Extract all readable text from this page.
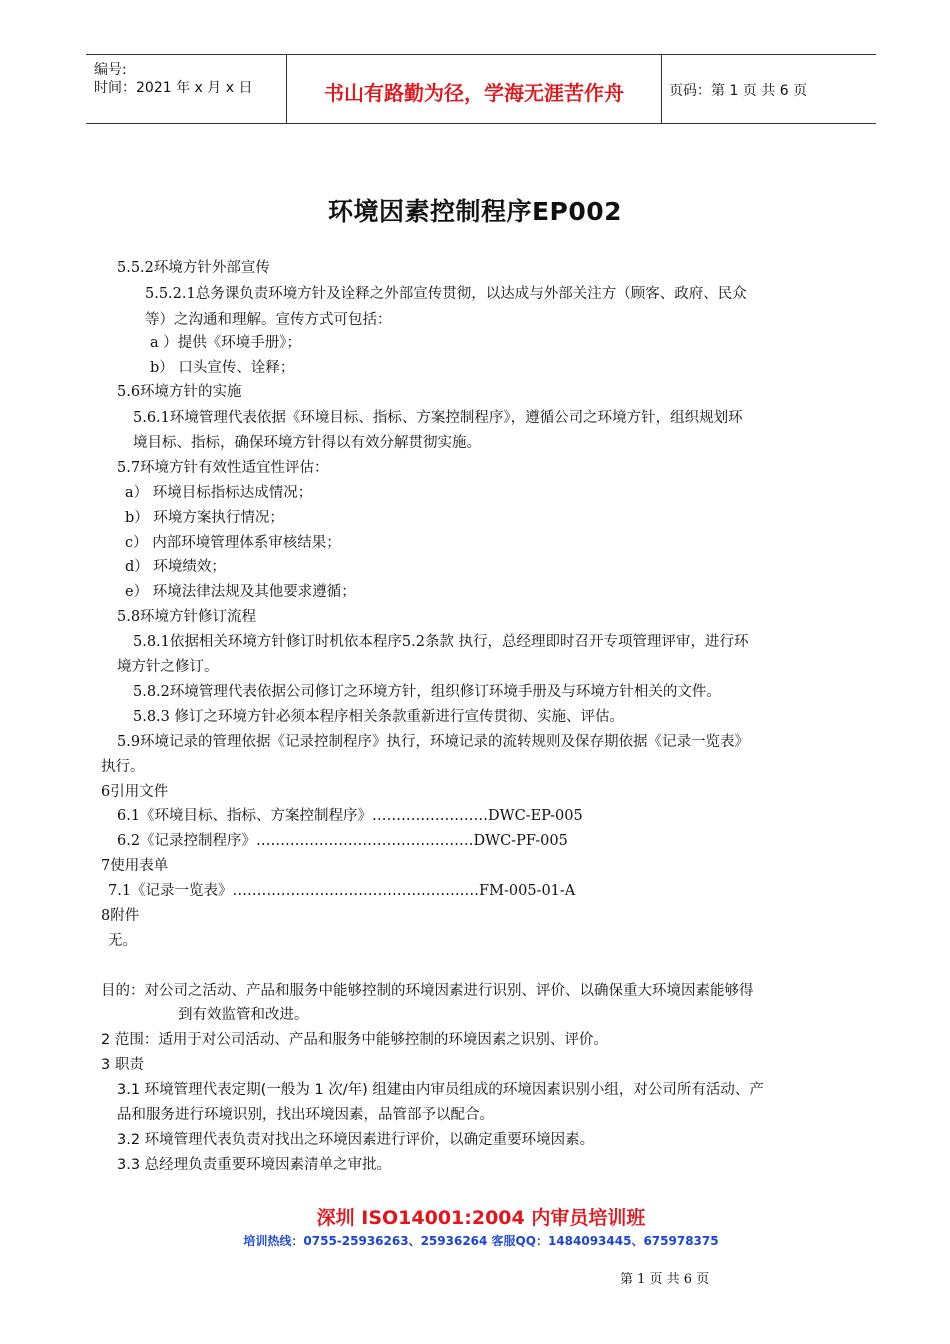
编号:
时间：2021 年 x 月 x 日	书山有路勤为径，学海无涯苦作舟	页码：第 1 页 共 6 页
环境因素控制程序EP002
5.5.2环境方针外部宣传
5.5.2.1总务课负责环境方针及诠释之外部宣传贯彻，以达成与外部关注方（顾客、政府、民众
等）之沟通和理解。宣传方式可包括：
a ）提供《环境手册》；
b） 口头宣传、诠释；
5.6环境方针的实施
5.6.1环境管理代表依据《环境目标、指标、方案控制程序》，遵循公司之环境方针，组织规划环
境目标、指标，确保环境方针得以有效分解贯彻实施。
5.7环境方针有效性适宜性评估：
a） 环境目标指标达成情况；
b） 环境方案执行情况；
c） 内部环境管理体系审核结果；
d） 环境绩效；
e） 环境法律法规及其他要求遵循；
5.8环境方针修订流程
5.8.1依据相关环境方针修订时机依本程序5.2条款 执行，总经理即时召开专项管理评审，进行环
境方针之修订。
5.8.2环境管理代表依据公司修订之环境方针，组织修订环境手册及与环境方针相关的文件。
5.8.3 修订之环境方针必须本程序相关条款重新进行宣传贯彻、实施、评估。
5.9环境记录的管理依据《记录控制程序》执行，环境记录的流转规则及保存期依据《记录一览表》
执行。
6引用文件
6.1《环境目标、指标、方案控制程序》……………………DWC-EP-005
6.2《记录控制程序》………………………………………DWC-PF-005
7使用表单
7.1《记录一览表》……………………………………………FM-005-01-A
8附件
无。
目的：对公司之活动、产品和服务中能够控制的环境因素进行识别、评价、以确保重大环境因素能够得
到有效监管和改进。
2 范围：适用于对公司活动、产品和服务中能够控制的环境因素之识别、评价。
3 职责
3.1 环境管理代表定期(一般为 1 次/年) 组建由内审员组成的环境因素识别小组，对公司所有活动、产
品和服务进行环境识别，找出环境因素，品管部予以配合。
3.2 环境管理代表负责对找出之环境因素进行评价，以确定重要环境因素。
3.3 总经理负责重要环境因素清单之审批。
深圳 ISO14001:2004 内审员培训班
培训热线：0755-25936263、25936264 客服QQ：1484093445、675978375
第 1 页 共 6 页
